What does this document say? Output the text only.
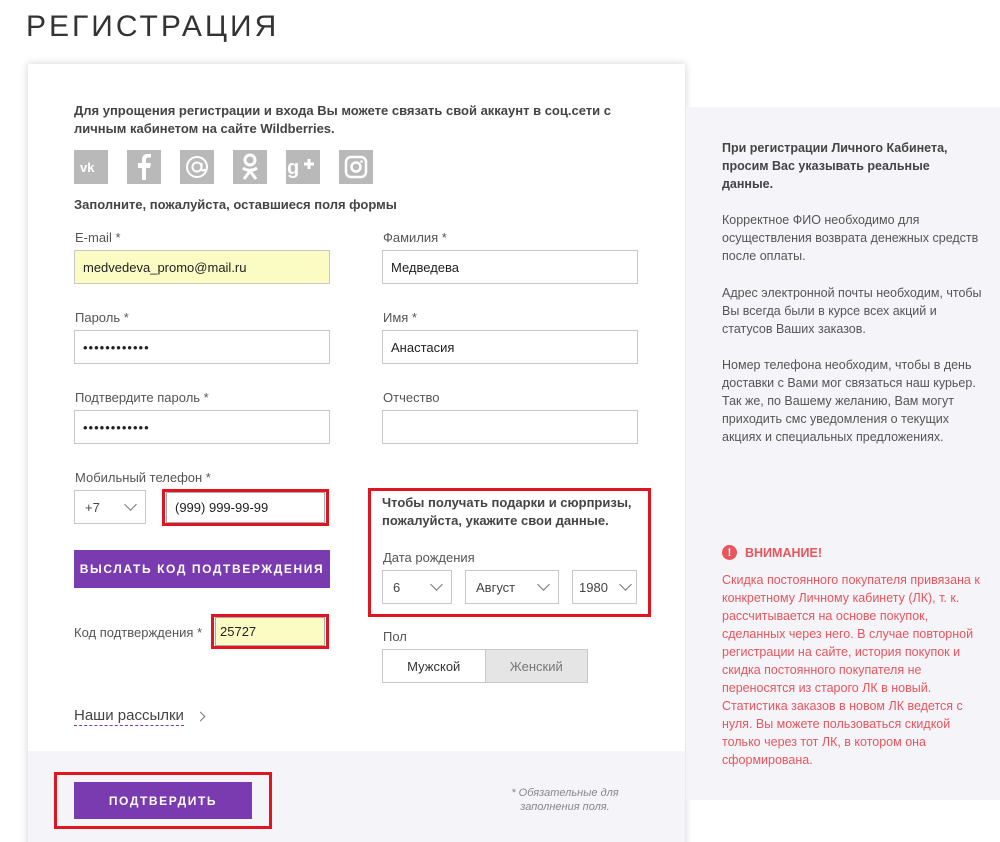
РЕГИСТРАЦИЯ

Для упрощения регистрации и входа Вы можете связать свой аккаунт в соц.сети с личным кабинетом на сайте Wildberries.

vk	g

Заполните, пожалуйста, оставшиеся поля формы

E-mail *
medvedeva_promo@mail.ru
Пароль *
••••••••••••
Подтвердите пароль *
••••••••••••
Мобильный телефон *
+7	(999) 999-99-99
ВЫСЛАТЬ КОД ПОДТВЕРЖДЕНИЯ
Код подтверждения *	25727
Наши рассылки
Фамилия *
Медведева
Имя *
Анастасия
Отчество

Чтобы получать подарки и сюрпризы, пожалуйста, укажите свои данные.

Дата рождения
6	Август	1980
Пол
Мужской	Женский
ПОДТВЕРДИТЬ

* Обязательные для заполнения поля.

При регистрации Личного Кабинета, просим Вас указывать реальные данные.

Корректное ФИО необходимо для осуществления возврата денежных средств после оплаты.

Адрес электронной почты необходим, чтобы Вы всегда были в курсе всех акций и статусов Ваших заказов.

Номер телефона необходим, чтобы в день доставки с Вами мог связаться наш курьер. Так же, по Вашему желанию, Вам могут приходить смс уведомления о текущих акциях и специальных предложениях.

!	ВНИМАНИЕ!

Скидка постоянного покупателя привязана к конкретному Личному кабинету (ЛК), т. к. рассчитывается на основе покупок, сделанных через него. В случае повторной регистрации на сайте, история покупок и скидка постоянного покупателя не переносятся из старого ЛК в новый. Статистика заказов в новом ЛК ведется с нуля. Вы можете пользоваться скидкой только через тот ЛК, в котором она сформирована.
